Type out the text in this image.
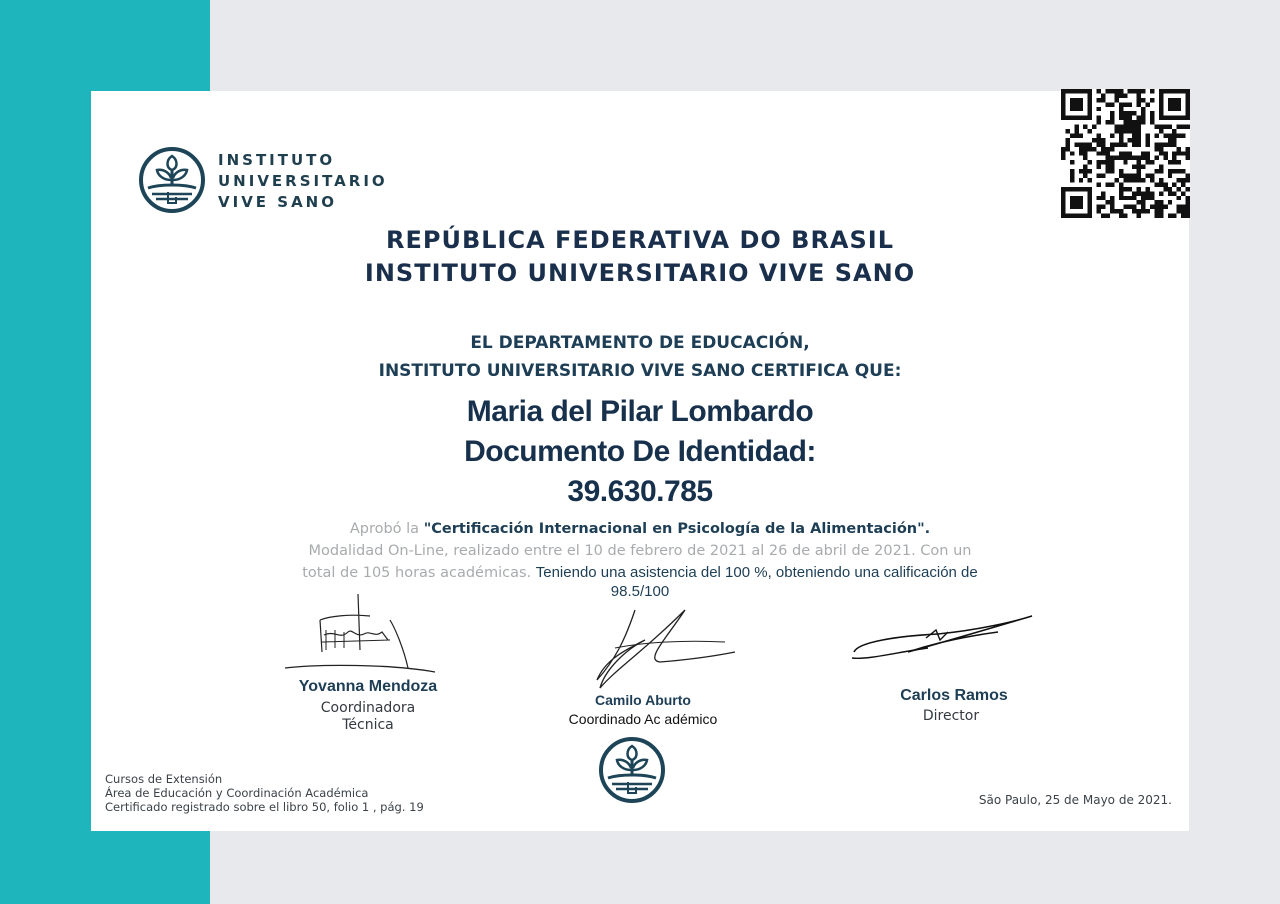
INSTITUTO
UNIVERSITARIO
VIVE SANO
REPÚBLICA FEDERATIVA DO BRASIL
INSTITUTO UNIVERSITARIO VIVE SANO
EL DEPARTAMENTO DE EDUCACIÓN,
INSTITUTO UNIVERSITARIO VIVE SANO CERTIFICA QUE:
Maria del Pilar Lombardo
Documento De Identidad:
39.630.785
Aprobó la "Certificación Internacional en Psicología de la Alimentación".
Modalidad On-Line, realizado entre el 10 de febrero de 2021 al 26 de abril de 2021. Con un
total de 105 horas académicas. Teniendo una asistencia del 100 %, obteniendo una calificación de
98.5/100
Yovanna Mendoza
Coordinadora
Técnica
Camilo Aburto
Coordinado Ac adémico
Carlos Ramos
Director
Cursos de Extensión
Área de Educación y Coordinación Académica
Certificado registrado sobre el libro 50, folio 1 , pág. 19	São Paulo, 25 de Mayo de 2021.
